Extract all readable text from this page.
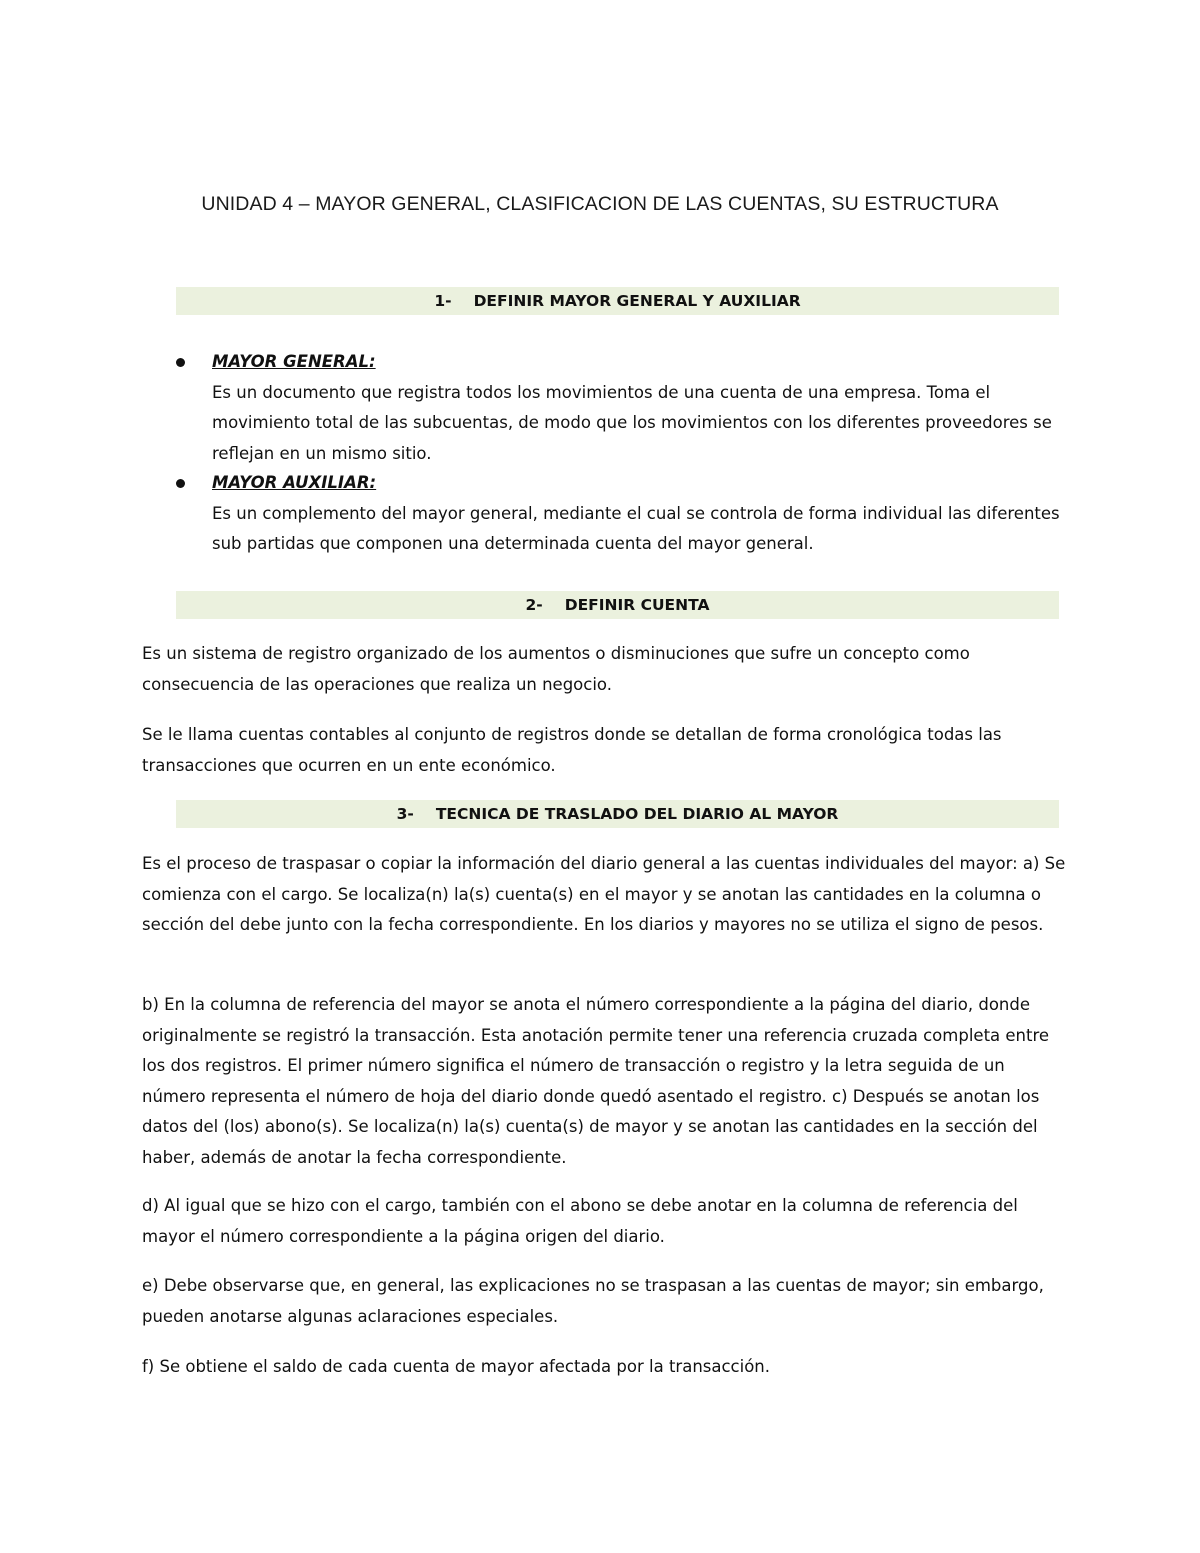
UNIDAD 4 – MAYOR GENERAL, CLASIFICACION DE LAS CUENTAS, SU ESTRUCTURA
1- DEFINIR MAYOR GENERAL Y AUXILIAR
MAYOR GENERAL:
Es un documento que registra todos los movimientos de una cuenta de una empresa. Toma el movimiento total de las subcuentas, de modo que los movimientos con los diferentes proveedores se reflejan en un mismo sitio.
MAYOR AUXILIAR:
Es un complemento del mayor general, mediante el cual se controla de forma individual las diferentes sub partidas que componen una determinada cuenta del mayor general.
2- DEFINIR CUENTA

Es un sistema de registro organizado de los aumentos o disminuciones que sufre un concepto como consecuencia de las operaciones que realiza un negocio.

Se le llama cuentas contables al conjunto de registros donde se detallan de forma cronológica todas las transacciones que ocurren en un ente económico.

3- TECNICA DE TRASLADO DEL DIARIO AL MAYOR

Es el proceso de traspasar o copiar la información del diario general a las cuentas individuales del mayor: a) Se comienza con el cargo. Se localiza(n) la(s) cuenta(s) en el mayor y se anotan las cantidades en la columna o sección del debe junto con la fecha correspondiente. En los diarios y mayores no se utiliza el signo de pesos.

b) En la columna de referencia del mayor se anota el número correspondiente a la página del diario, donde originalmente se registró la transacción. Esta anotación permite tener una referencia cruzada completa entre los dos registros. El primer número significa el número de transacción o registro y la letra seguida de un número representa el número de hoja del diario donde quedó asentado el registro. c) Después se anotan los datos del (los) abono(s). Se localiza(n) la(s) cuenta(s) de mayor y se anotan las cantidades en la sección del haber, además de anotar la fecha correspondiente.

d) Al igual que se hizo con el cargo, también con el abono se debe anotar en la columna de referencia del mayor el número correspondiente a la página origen del diario.

e) Debe observarse que, en general, las explicaciones no se traspasan a las cuentas de mayor; sin embargo, pueden anotarse algunas aclaraciones especiales.

f) Se obtiene el saldo de cada cuenta de mayor afectada por la transacción.
